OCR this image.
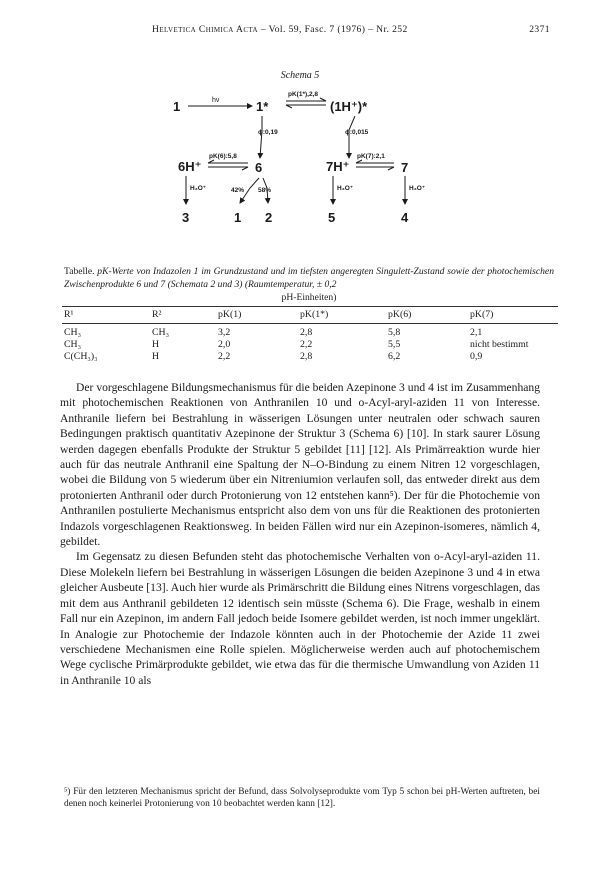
Helvetica Chimica Acta – Vol. 59, Fasc. 7 (1976) – Nr. 252	2371
Schema 5
1	hν	1*
pK(1*),2,8
(1H⁺)*
ϕ:0,19	ϕ:0,015
6H⁺
pK(6):5,8
6	7H⁺
pK(7):2,1
7
H₃O⁺	42% 58%	H₃O⁺	H₃O⁺
3	1 2	5	4
Tabelle. pK-Werte von Indazolen 1 im Grundzustand und im tiefsten angeregten Singulett-Zustand sowie der photochemischen Zwischenprodukte 6 und 7 (Schemata 2 und 3) (Raumtemperatur, ± 0,2
pH-Einheiten)
R¹	R²	pK(1)	pK(1*)	pK(6)	pK(7)
CH₃	CH₃	3,2	2,8	5,8	2,1
CH₃	H	2,0	2,2	5,5	nicht bestimmt
C(CH₃)₃	H	2,2	2,8	6,2	0,9

Der vorgeschlagene Bildungsmechanismus für die beiden Azepinone 3 und 4 ist im Zusammenhang mit photochemischen Reaktionen von Anthranilen 10 und o-Acyl-aryl-aziden 11 von Interesse. Anthranile liefern bei Bestrahlung in wässerigen Lösungen unter neutralen oder schwach sauren Bedingungen praktisch quantitativ Azepinone der Struktur 3 (Schema 6) [10]. In stark saurer Lösung werden dagegen ebenfalls Produkte der Struktur 5 gebildet [11] [12]. Als Primärreaktion wurde hier auch für das neutrale Anthranil eine Spaltung der N–O-Bindung zu einem Nitren 12 vorgeschlagen, wobei die Bildung von 5 wiederum über ein Nitreniumion verlaufen soll, das entweder direkt aus dem protonierten Anthranil oder durch Protonierung von 12 entstehen kann⁵). Der für die Photochemie von Anthranilen postulierte Mechanismus entspricht also dem von uns für die Reaktionen des protonierten Indazols vorgeschlagenen Reaktionsweg. In beiden Fällen wird nur ein Azepinon-isomeres, nämlich 4, gebildet.

Im Gegensatz zu diesen Befunden steht das photochemische Verhalten von o-Acyl-aryl-aziden 11. Diese Molekeln liefern bei Bestrahlung in wässerigen Lösungen die beiden Azepinone 3 und 4 in etwa gleicher Ausbeute [13]. Auch hier wurde als Primärschritt die Bildung eines Nitrens vorgeschlagen, das mit dem aus Anthranil gebildeten 12 identisch sein müsste (Schema 6). Die Frage, weshalb in einem Fall nur ein Azepinon, im andern Fall jedoch beide Isomere gebildet werden, ist noch immer ungeklärt. In Analogie zur Photochemie der Indazole könnten auch in der Photochemie der Azide 11 zwei verschiedene Mechanismen eine Rolle spielen. Möglicherweise werden auch auf photochemischem Wege cyclische Primärprodukte gebildet, wie etwa das für die thermische Umwandlung von Aziden 11 in Anthranile 10 als

⁵) Für den letzteren Mechanismus spricht der Befund, dass Solvolyseprodukte vom Typ 5 schon bei pH-Werten auftreten, bei denen noch keinerlei Protonierung von 10 beobachtet werden kann [12].
